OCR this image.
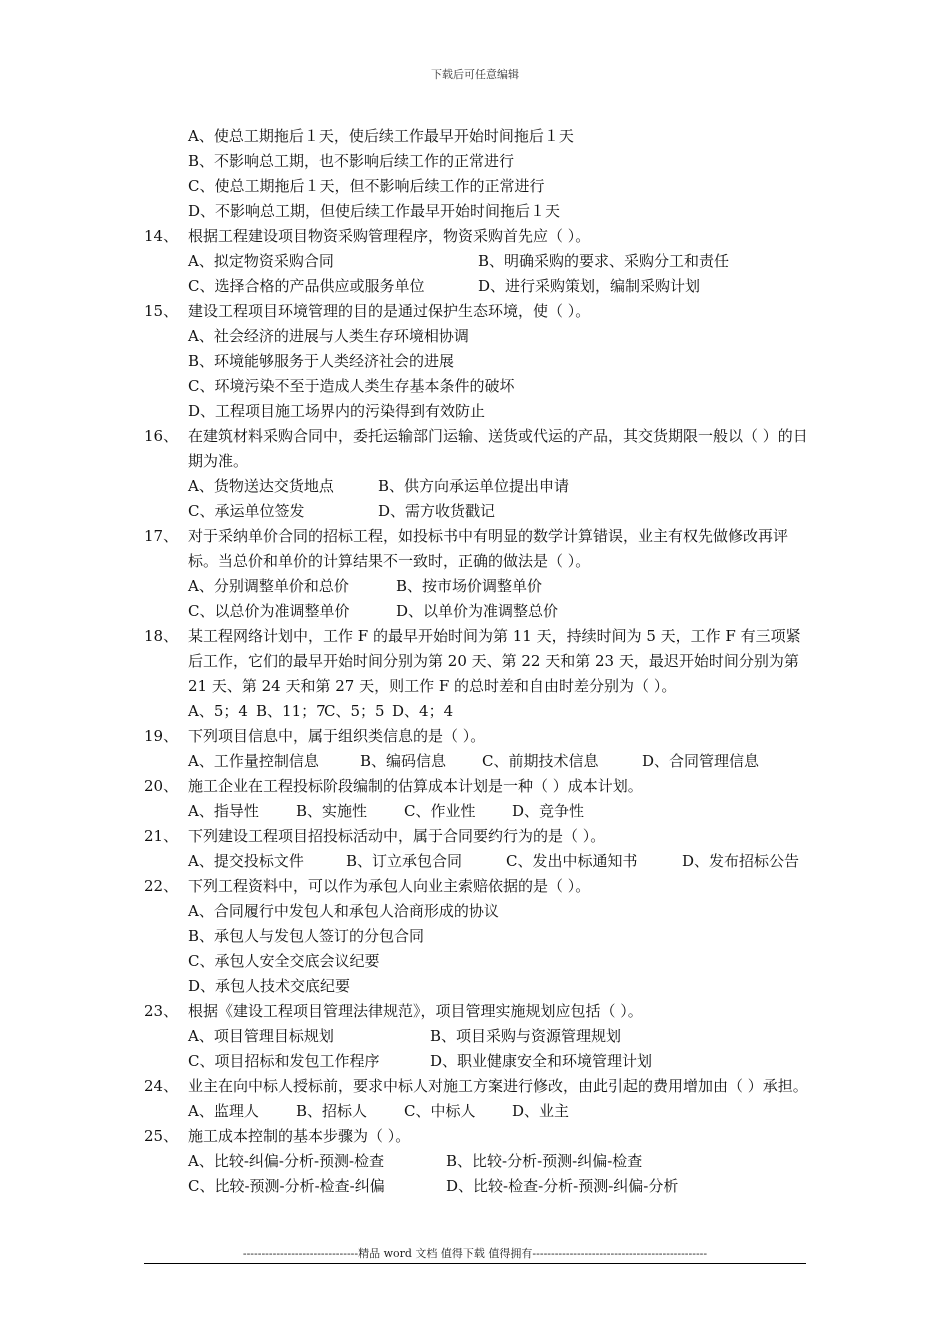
下载后可任意编辑
A、使总工期拖后１天，使后续工作最早开始时间拖后１天
B、不影响总工期，也不影响后续工作的正常进行
C、使总工期拖后１天，但不影响后续工作的正常进行
D、不影响总工期，但使后续工作最早开始时间拖后１天
14、 根据工程建设项目物资采购管理程序，物资采购首先应（ ）。
A、拟定物资采购合同	B、明确采购的要求、采购分工和责任
C、选择合格的产品供应或服务单位	D、进行采购策划，编制采购计划
15、 建设工程项目环境管理的目的是通过保护生态环境，使（ ）。
A、社会经济的进展与人类生存环境相协调
B、环境能够服务于人类经济社会的进展
C、环境污染不至于造成人类生存基本条件的破坏
D、工程项目施工场界内的污染得到有效防止
16、 在建筑材料采购合同中，委托运输部门运输、送货或代运的产品，其交货期限一般以（ ）的日期为准。
A、货物送达交货地点	B、供方向承运单位提出申请
C、承运单位签发	D、需方收货戳记
17、 对于采纳单价合同的招标工程，如投标书中有明显的数学计算错误，业主有权先做修改再评标。当总价和单价的计算结果不一致时，正确的做法是（ ）。
A、分别调整单价和总价	B、按市场价调整单价
C、以总价为准调整单价	D、以单价为准调整总价
18、 某工程网络计划中，工作 F 的最早开始时间为第 11 天，持续时间为 5 天，工作 F 有三项紧后工作，它们的最早开始时间分别为第 20 天、第 22 天和第 23 天，最迟开始时间分别为第 21 天、第 24 天和第 27 天，则工作 F 的总时差和自由时差分别为（ ）。
A、5；4 B、11；7
C、5；5 D、4；4
19、 下列项目信息中，属于组织类信息的是（ ）。
A、工作量控制信息	B、编码信息	C、前期技术信息	D、合同管理信息
20、 施工企业在工程投标阶段编制的估算成本计划是一种（ ）成本计划。
A、指导性	B、实施性	C、作业性	D、竞争性
21、 下列建设工程项目招投标活动中，属于合同要约行为的是（ ）。
A、提交投标文件	B、订立承包合同	C、发出中标通知书	D、发布招标公告
22、 下列工程资料中，可以作为承包人向业主索赔依据的是（ ）。
A、合同履行中发包人和承包人洽商形成的协议
B、承包人与发包人签订的分包合同
C、承包人安全交底会议纪要
D、承包人技术交底纪要
23、 根据《建设工程项目管理法律规范》，项目管理实施规划应包括（ ）。
A、项目管理目标规划	B、项目采购与资源管理规划
C、项目招标和发包工作程序	D、职业健康安全和环境管理计划
24、 业主在向中标人授标前，要求中标人对施工方案进行修改，由此引起的费用增加由（ ）承担。
A、监理人	B、招标人	C、中标人	D、业主
25、 施工成本控制的基本步骤为（ ）。
A、比较-纠偏-分析-预测-检查	B、比较-分析-预测-纠偏-检查
C、比较-预测-分析-检查-纠偏	D、比较-检查-分析-预测-纠偏-分析
-------------------------------精品 word 文档 值得下载 值得拥有-----------------------------------------------
